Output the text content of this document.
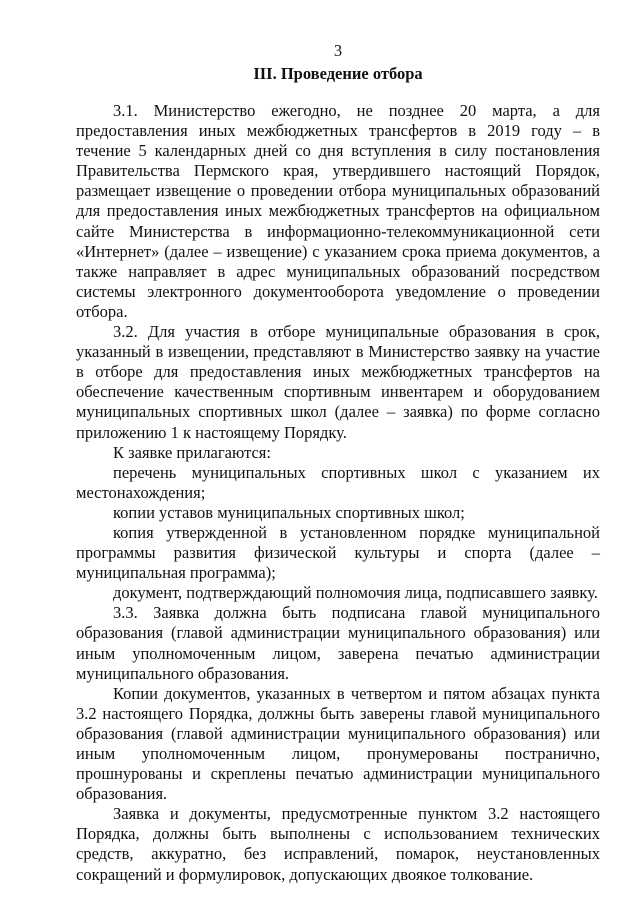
3
III. Проведение отбора

3.1. Министерство ежегодно, не позднее 20 марта, а для предоставления иных межбюджетных трансфертов в 2019 году – в течение 5 календарных дней со дня вступления в силу постановления Правительства Пермского края, утвердившего настоящий Порядок, размещает извещение о проведении отбора муниципальных образований для предоставления иных межбюджетных трансфертов на официальном сайте Министерства в информационно-телекоммуникационной сети «Интернет» (далее – извещение) с указанием срока приема документов, а также направляет в адрес муниципальных образований посредством системы электронного документооборота уведомление о проведении отбора.

3.2. Для участия в отборе муниципальные образования в срок, указанный в извещении, представляют в Министерство заявку на участие в отборе для предоставления иных межбюджетных трансфертов на обеспечение качественным спортивным инвентарем и оборудованием муниципальных спортивных школ (далее – заявка) по форме согласно приложению 1 к настоящему Порядку.

К заявке прилагаются:

перечень муниципальных спортивных школ с указанием их местонахождения;

копии уставов муниципальных спортивных школ;

копия утвержденной в установленном порядке муниципальной программы развития физической культуры и спорта (далее – муниципальная программа);

документ, подтверждающий полномочия лица, подписавшего заявку.

3.3. Заявка должна быть подписана главой муниципального образования (главой администрации муниципального образования) или иным уполномоченным лицом, заверена печатью администрации муниципального образования.

Копии документов, указанных в четвертом и пятом абзацах пункта 3.2 настоящего Порядка, должны быть заверены главой муниципального образования (главой администрации муниципального образования) или иным уполномоченным лицом, пронумерованы постранично, прошнурованы и скреплены печатью администрации муниципального образования.

Заявка и документы, предусмотренные пунктом 3.2 настоящего Порядка, должны быть выполнены с использованием технических средств, аккуратно, без исправлений, помарок, неустановленных сокращений и формулировок, допускающих двоякое толкование.
